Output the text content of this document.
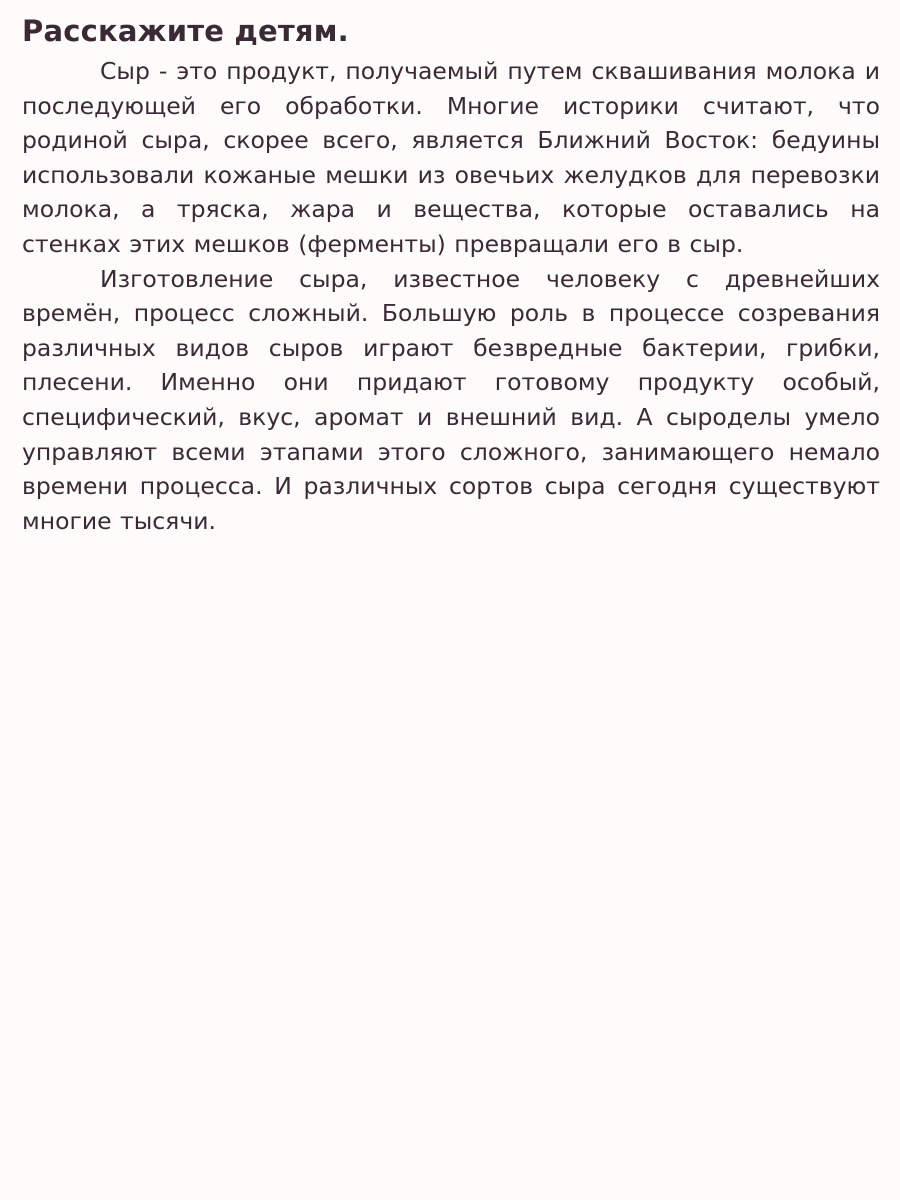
Расскажите детям.

Сыр - это продукт, получаемый путем сквашивания молока и последующей его обработки. Многие историки считают, что родиной сыра, скорее всего, является Ближний Восток: бедуины использовали кожаные мешки из овечьих желудков для перевозки молока, а тряска, жара и вещества, которые оставались на стенках этих мешков (ферменты) превращали его в сыр.

Изготовление сыра, известное человеку с древнейших времён, процесс сложный. Большую роль в процессе созревания различных видов сыров играют безвредные бактерии, грибки, плесени. Именно они придают готовому продукту особый, специфический, вкус, аромат и внешний вид. А сыроделы умело управляют всеми этапами этого сложного, занимающего немало времени процесса. И различных сортов сыра сегодня существуют многие тысячи.
